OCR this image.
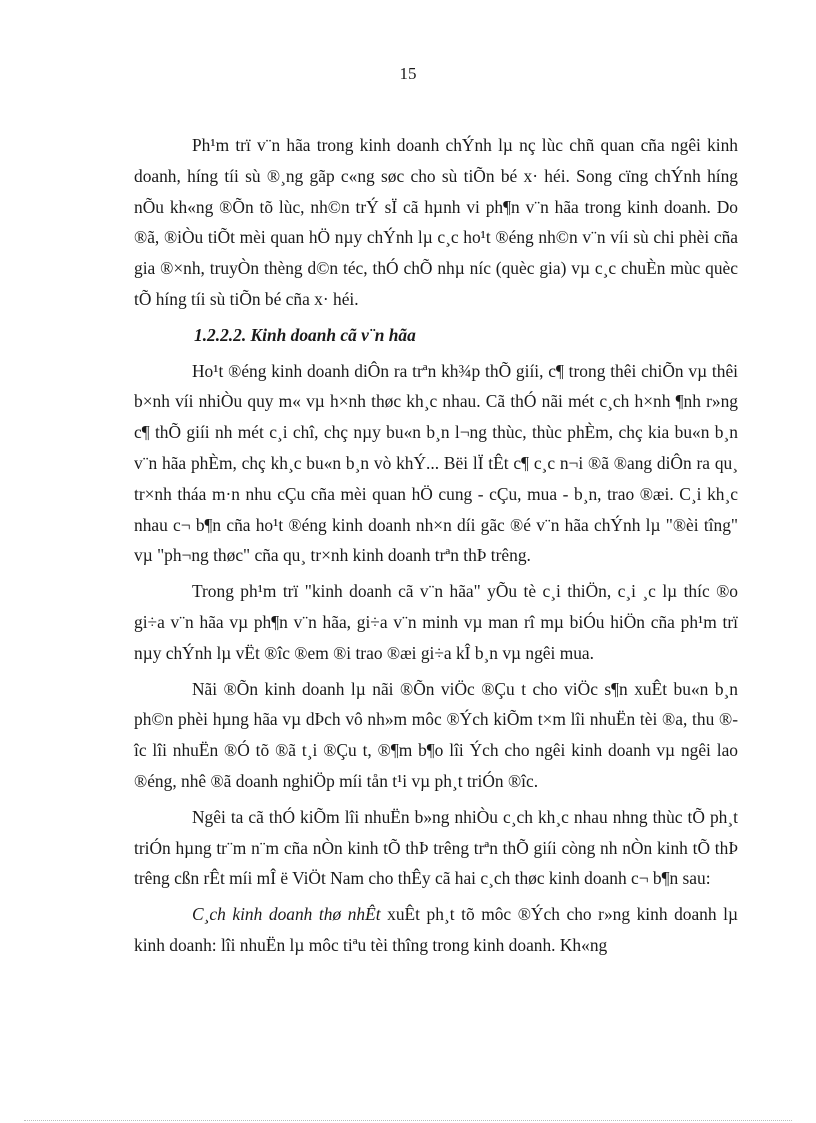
15

Ph¹m trï v¨n hãa trong kinh doanh chÝnh lµ nç lùc chñ quan cña ngêi kinh doanh, híng tíi sù ®¸ng gãp c«ng søc cho sù tiÕn bé x· héi. Song cïng chÝnh híng nÕu kh«ng ®Õn tõ lùc, nh©n trÝ sÏ cã hµnh vi ph¶n v¨n hãa trong kinh doanh. Do ®ã, ®iÒu tiÕt mèi quan hÖ nµy chÝnh lµ c¸c ho¹t ®éng nh©n v¨n víi sù chi phèi cña gia ®×nh, truyÒn thèng d©n téc, thÓ chÕ nhµ níc (quèc gia) vµ c¸c chuÈn mùc quèc tÕ híng tíi sù tiÕn bé cña x· héi.

1.2.2.2. Kinh doanh cã v¨n hãa

Ho¹t ®éng kinh doanh diÔn ra trªn kh¾p thÕ giíi, c¶ trong thêi chiÕn vµ thêi b×nh víi nhiÒu quy m« vµ h×nh thøc kh¸c nhau. Cã thÓ nãi mét c¸ch h×nh ¶nh r»ng c¶ thÕ giíi nh mét c¸i chî, chç nµy bu«n b¸n l¬ng thùc, thùc phÈm, chç kia bu«n b¸n v¨n hãa phÈm, chç kh¸c bu«n b¸n vò khÝ... Bëi lÏ tÊt c¶ c¸c n¬i ®ã ®ang diÔn ra qu¸ tr×nh tháa m·n nhu cÇu cña mèi quan hÖ cung - cÇu, mua - b¸n, trao ®æi. C¸i kh¸c nhau c¬ b¶n cña ho¹t ®éng kinh doanh nh×n díi gãc ®é v¨n hãa chÝnh lµ "®èi tîng" vµ "ph¬ng thøc" cña qu¸ tr×nh kinh doanh trªn thÞ trêng.

Trong ph¹m trï "kinh doanh cã v¨n hãa" yÕu tè c¸i thiÖn, c¸i ¸c lµ thíc ®o gi÷a v¨n hãa vµ ph¶n v¨n hãa, gi÷a v¨n minh vµ man rî mµ biÓu hiÖn cña ph¹m trï nµy chÝnh lµ vËt ®îc ®em ®i trao ®æi gi÷a kÎ b¸n vµ ngêi mua.

Nãi ®Õn kinh doanh lµ nãi ®Õn viÖc ®Çu t cho viÖc s¶n xuÊt bu«n b¸n ph©n phèi hµng hãa vµ dÞch vô nh»m môc ®Ých kiÕm t×m lîi nhuËn tèi ®a, thu ®îc lîi nhuËn ®Ó tõ ®ã t¸i ®Çu t, ®¶m b¶o lîi Ých cho ngêi kinh doanh vµ ngêi lao ®éng, nhê ®ã doanh nghiÖp míi tån t¹i vµ ph¸t triÓn ®îc.

Ngêi ta cã thÓ kiÕm lîi nhuËn b»ng nhiÒu c¸ch kh¸c nhau nhng thùc tÕ ph¸t triÓn hµng tr¨m n¨m cña nÒn kinh tÕ thÞ trêng trªn thÕ giíi còng nh nÒn kinh tÕ thÞ trêng cßn rÊt míi mÎ ë ViÖt Nam cho thÊy cã hai c¸ch thøc kinh doanh c¬ b¶n sau:

C¸ch kinh doanh thø nhÊt xuÊt ph¸t tõ môc ®Ých cho r»ng kinh doanh lµ kinh doanh: lîi nhuËn lµ môc tiªu tèi thîng trong kinh doanh. Kh«ng
